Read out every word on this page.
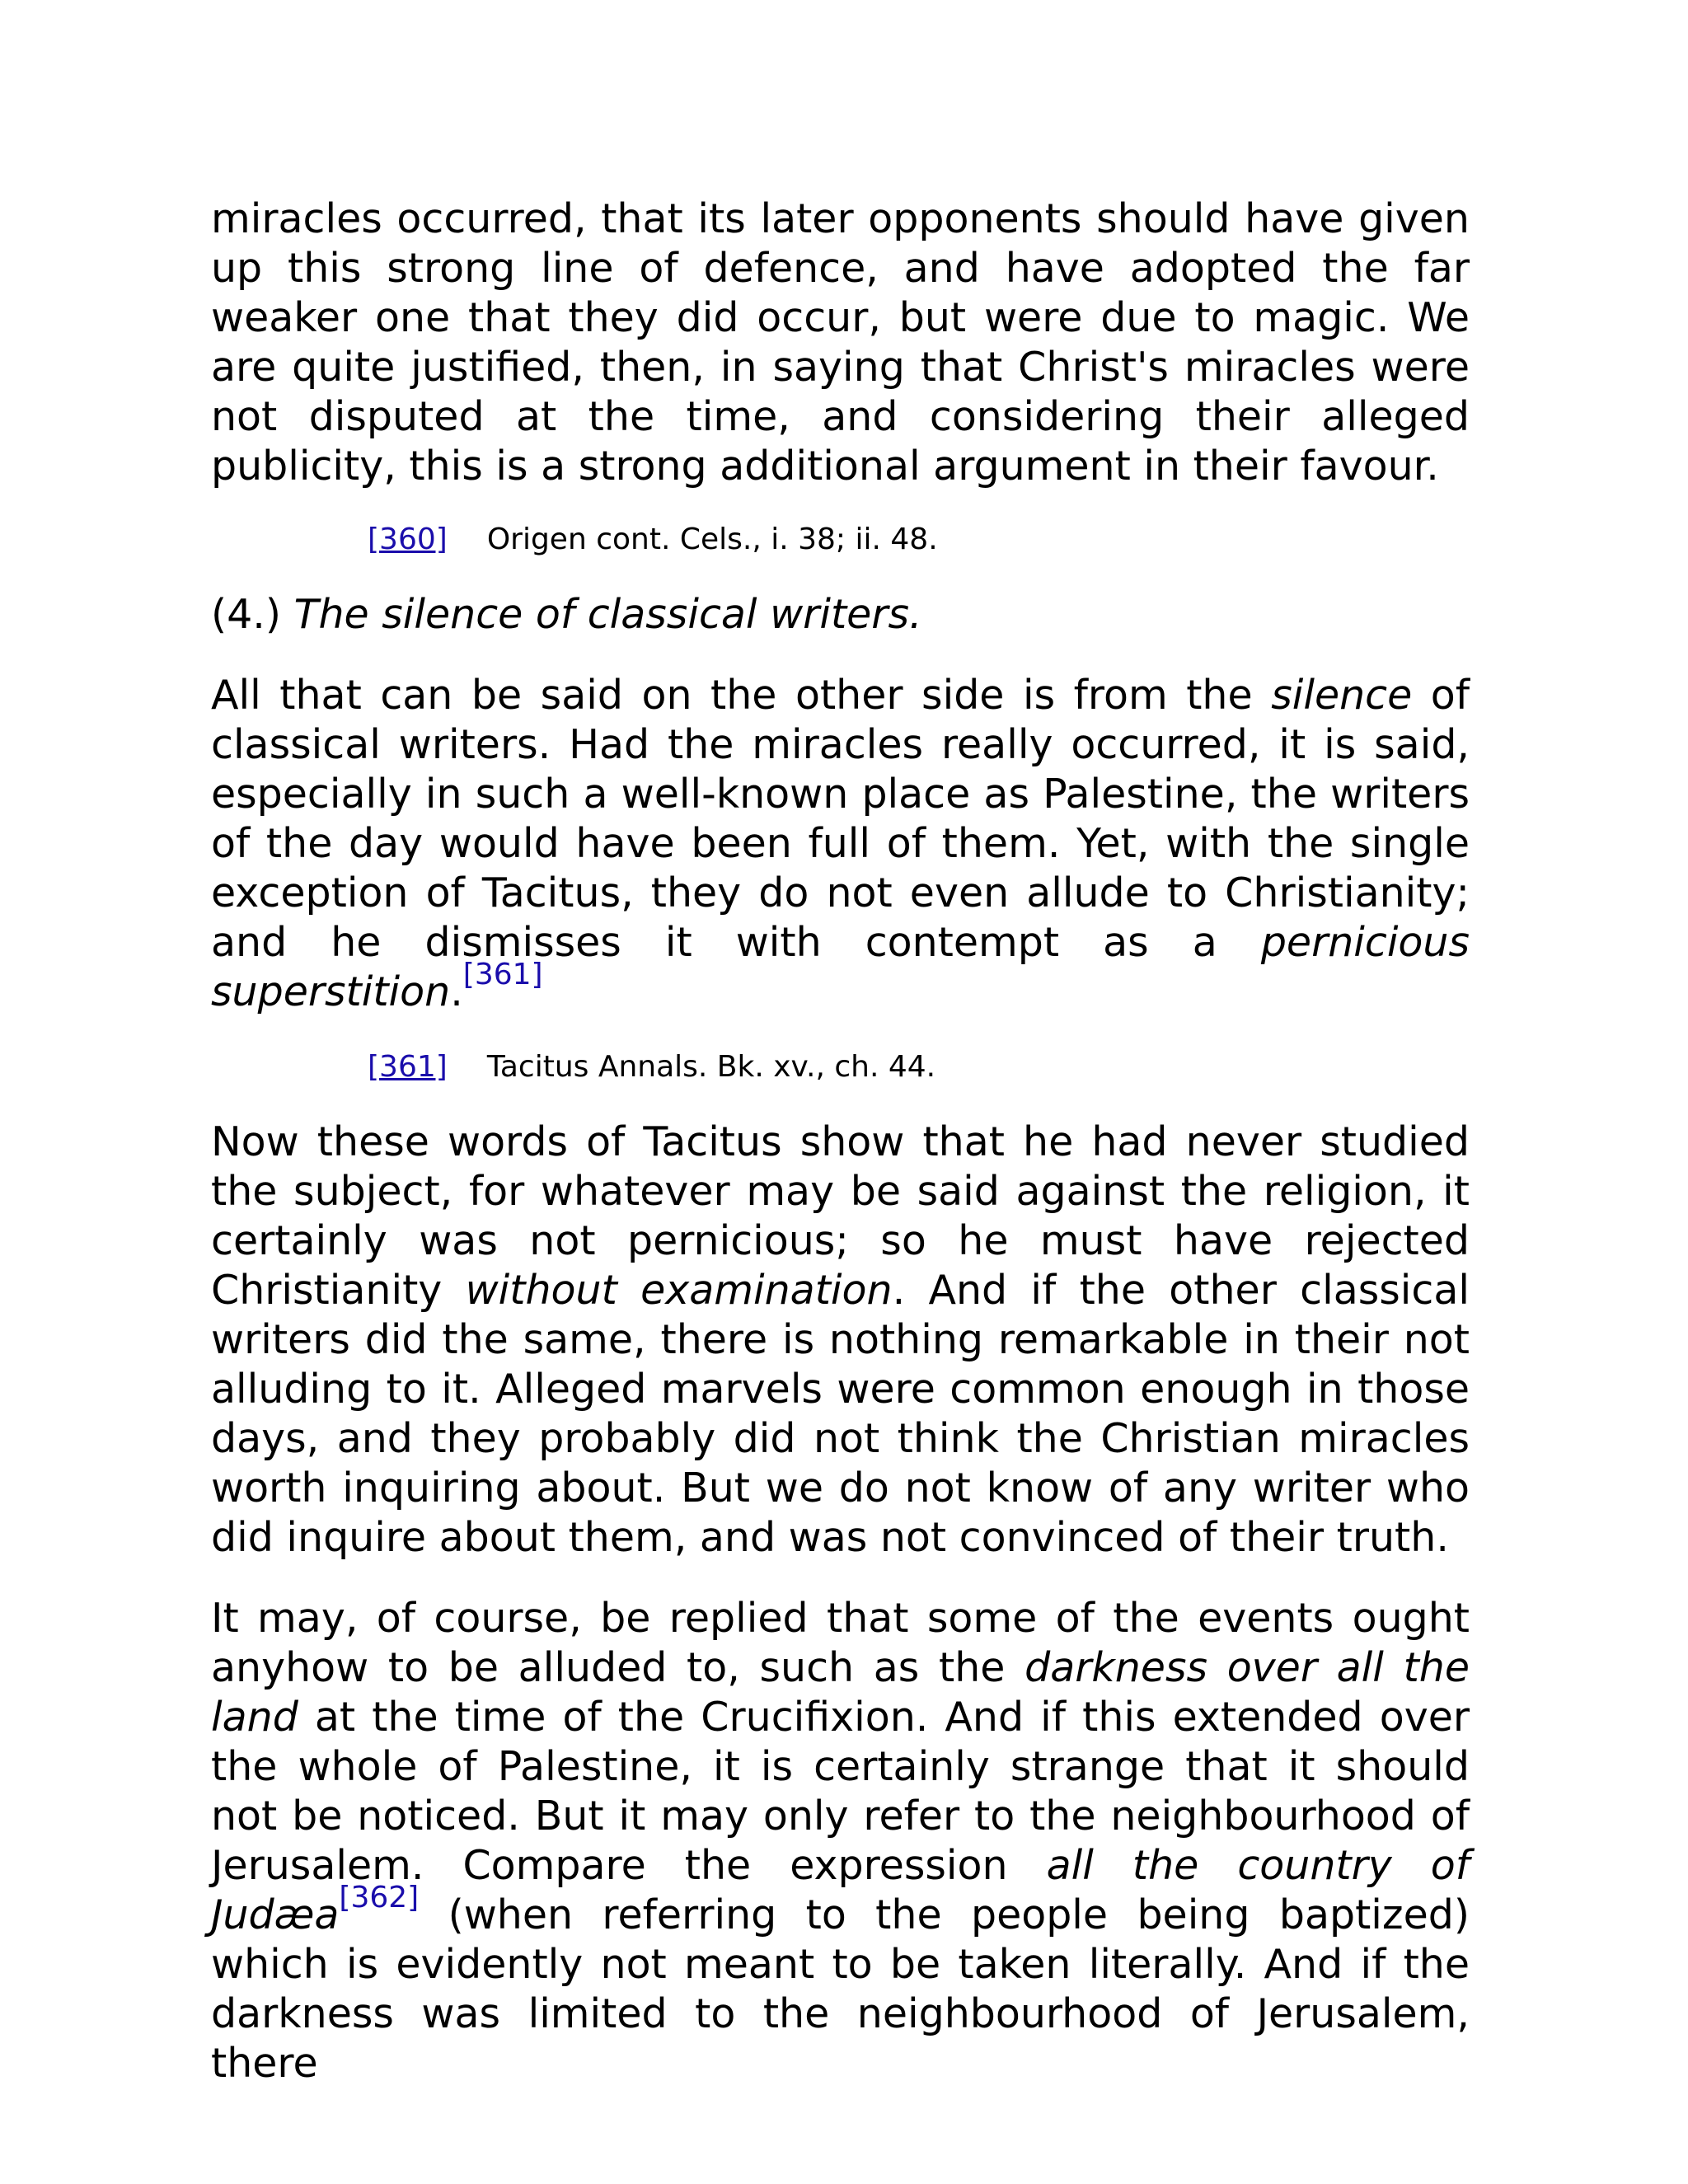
miracles occurred, that its later opponents should have given up this strong line of defence, and have adopted the far weaker one that they did occur, but were due to magic. We are quite justified, then, in saying that Christ's miracles were not disputed at the time, and considering their alleged publicity, this is a strong additional argument in their favour.

[360] Origen cont. Cels., i. 38; ii. 48.
(4.) The silence of classical writers.

All that can be said on the other side is from the silence of classical writers. Had the miracles really occurred, it is said, especially in such a well-known place as Palestine, the writers of the day would have been full of them. Yet, with the single exception of Tacitus, they do not even allude to Christianity; and he dismisses it with contempt as a pernicious superstition.[361]

[361] Tacitus Annals. Bk. xv., ch. 44.

Now these words of Tacitus show that he had never studied the subject, for whatever may be said against the religion, it certainly was not pernicious; so he must have rejected Christianity without examination. And if the other classical writers did the same, there is nothing remarkable in their not alluding to it. Alleged marvels were common enough in those days, and they probably did not think the Christian miracles worth inquiring about. But we do not know of any writer who did inquire about them, and was not convinced of their truth.

It may, of course, be replied that some of the events ought anyhow to be alluded to, such as the darkness over all the land at the time of the Crucifixion. And if this extended over the whole of Palestine, it is certainly strange that it should not be noticed. But it may only refer to the neighbourhood of Jerusalem. Compare the expression all the country of Judæa[362] (when referring to the people being baptized) which is evidently not meant to be taken literally. And if the darkness was limited to the neighbourhood of Jerusalem, there
